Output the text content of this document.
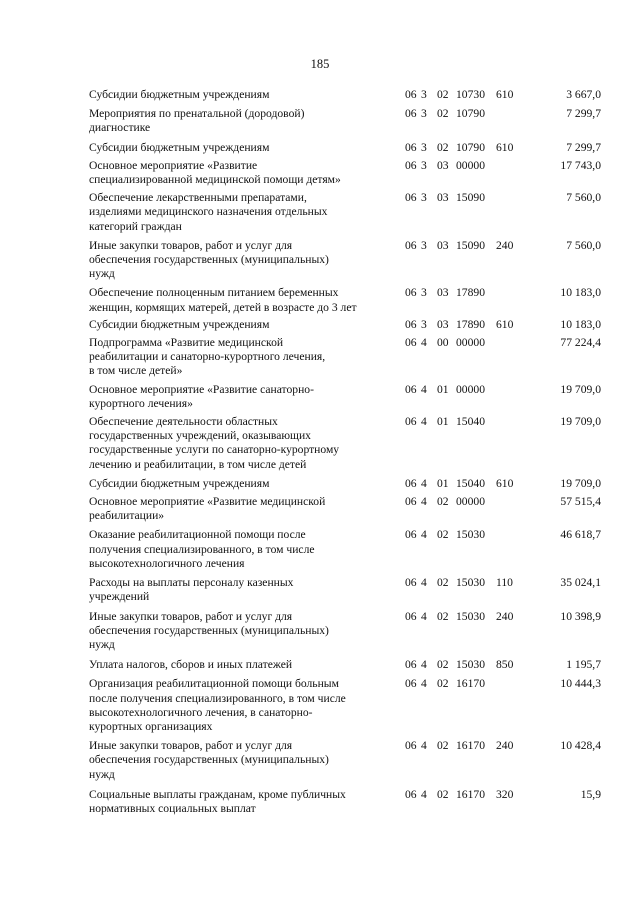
185
Субсидии бюджетным учреждениям	06 3 02 10730 610	3 667,0
Мероприятия по пренатальной (дородовой)
диагностике
06 3 02 10790	7 299,7
Субсидии бюджетным учреждениям	06 3 02 10790 610	7 299,7
Основное мероприятие «Развитие
специализированной медицинской помощи детям»
06 3 03 00000	17 743,0
Обеспечение лекарственными препаратами,
изделиями медицинского назначения отдельных
категорий граждан
06 3 03 15090	7 560,0
Иные закупки товаров, работ и услуг для
обеспечения государственных (муниципальных)
нужд
06 3 03 15090 240	7 560,0
Обеспечение полноценным питанием беременных
женщин, кормящих матерей, детей в возрасте до 3 лет
06 3 03 17890	10 183,0
Субсидии бюджетным учреждениям	06 3 03 17890 610	10 183,0
Подпрограмма «Развитие медицинской
реабилитации и санаторно-курортного лечения,
в том числе детей»
06 4 00 00000	77 224,4
Основное мероприятие «Развитие санаторно-
курортного лечения»
06 4 01 00000	19 709,0
Обеспечение деятельности областных
государственных учреждений, оказывающих
государственные услуги по санаторно-курортному
лечению и реабилитации, в том числе детей
06 4 01 15040	19 709,0
Субсидии бюджетным учреждениям	06 4 01 15040 610	19 709,0
Основное мероприятие «Развитие медицинской
реабилитации»
06 4 02 00000	57 515,4
Оказание реабилитационной помощи после
получения специализированного, в том числе
высокотехнологичного лечения
06 4 02 15030	46 618,7
Расходы на выплаты персоналу казенных
учреждений
06 4 02 15030 110	35 024,1
Иные закупки товаров, работ и услуг для
обеспечения государственных (муниципальных)
нужд
06 4 02 15030 240	10 398,9
Уплата налогов, сборов и иных платежей	06 4 02 15030 850	1 195,7
Организация реабилитационной помощи больным
после получения специализированного, в том числе
высокотехнологичного лечения, в санаторно-
курортных организациях
06 4 02 16170	10 444,3
Иные закупки товаров, работ и услуг для
обеспечения государственных (муниципальных)
нужд
06 4 02 16170 240	10 428,4
Социальные выплаты гражданам, кроме публичных
нормативных социальных выплат
06 4 02 16170 320	15,9
